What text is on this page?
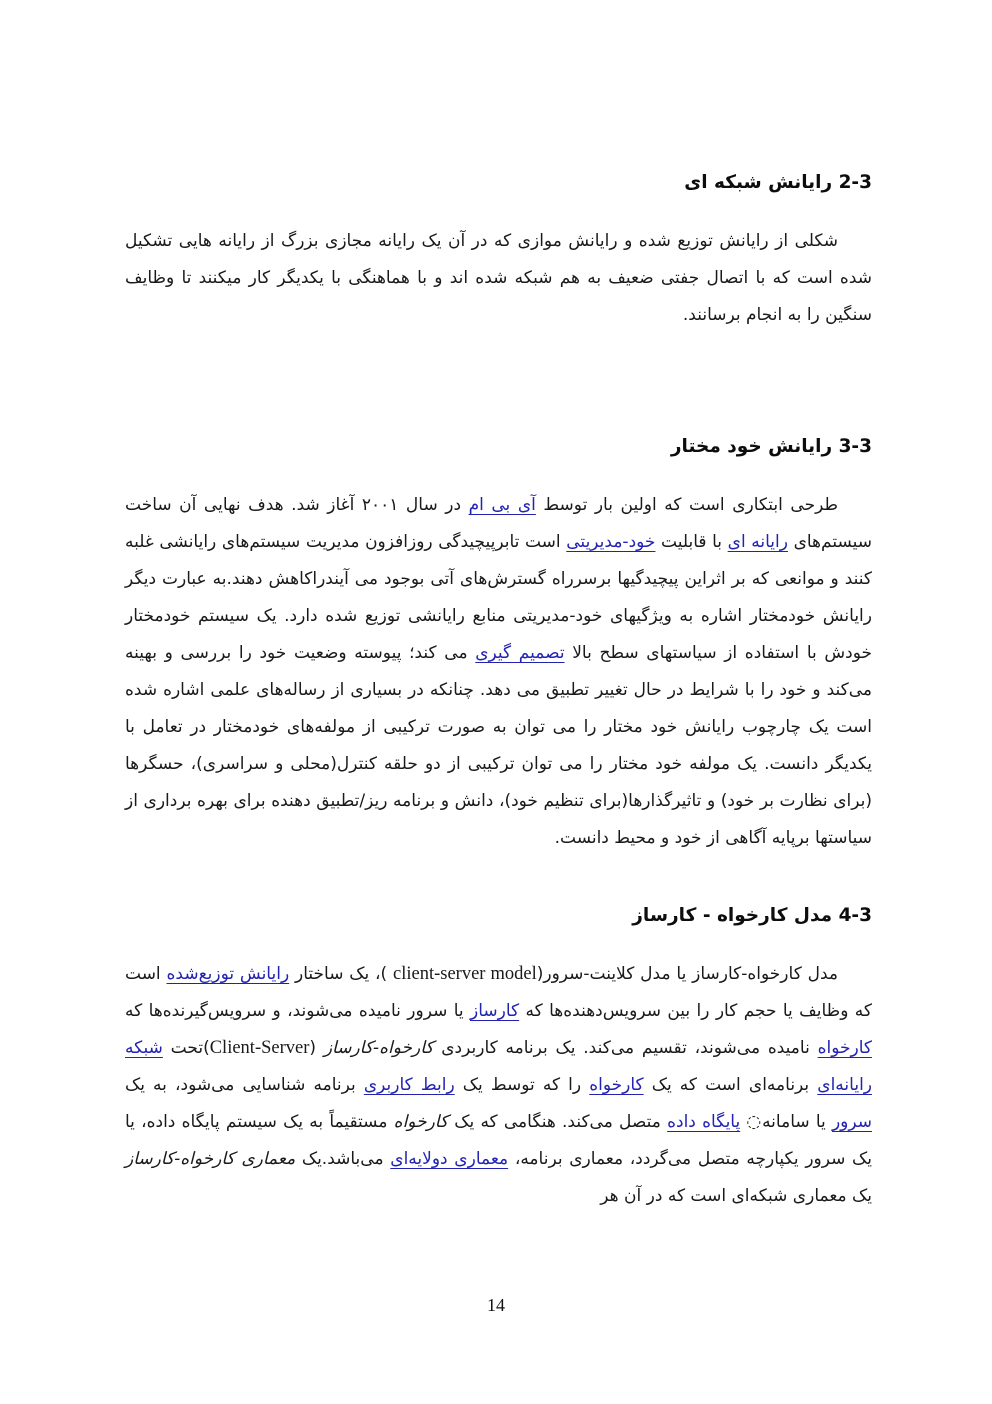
2-3 رایانش شبکه ای

شکلی از رایانش توزیع شده و رایانش موازی که در آن یک رایانه مجازی بزرگ از رایانه هایی تشکیل شده است که با اتصال جفتی ضعیف به هم شبکه شده اند و با هماهنگی با یکدیگر کار میکنند تا وظایف سنگین را به انجام برسانند.

3-3 رایانش خود مختار

طرحی ابتکاری است که اولین بار توسط آی بی ام در سال ۲۰۰۱ آغاز شد. هدف نهایی آن ساخت سیستم‌های رایانه ای با قابلیت خود-مدیریتی است تابرپیچیدگی روزافزون مدیریت سیستم‌های رایانشی غلبه کنند و موانعی که بر اثراین پیچیدگیها برسرراه گسترش‌های آتی بوجود می آیندراکاهش دهند.به عبارت دیگر رایانش خودمختار اشاره به ویژگیهای خود-مدیریتی منابع رایانشی توزیع شده دارد. یک سیستم خودمختار خودش با استفاده از سیاستهای سطح بالا تصمیم گیری می کند؛ پیوسته وضعیت خود را بررسی و بهینه می‌کند و خود را با شرایط در حال تغییر تطبیق می دهد. چنانکه در بسیاری از رساله‌های علمی اشاره شده است یک چارچوب رایانش خود مختار را می توان به صورت ترکیبی از مولفه‌های خودمختار در تعامل با یکدیگر دانست. یک مولفه خود مختار را می توان ترکیبی از دو حلقه کنترل(محلی و سراسری)، حسگرها (برای نظارت بر خود) و تاثیرگذارها(برای تنظیم خود)، دانش و برنامه ریز/تطبیق دهنده برای بهره برداری از سیاستها برپایه آگاهی از خود و محیط دانست.

4-3 مدل کارخواه - کارساز

مدل کارخواه-کارساز یا مدل کلاینت-سرور(client-server model )، یک ساختار رایانش توزیع‌شده است که وظایف یا حجم کار را بین سرویس‌دهنده‌ها که کارساز یا سرور نامیده می‌شوند، و سرویس‌گیرنده‌ها که کارخواه نامیده می‌شوند، تقسیم می‌کند. یک برنامه کاربردی کارخواه-کارساز (Client-Server)تحت شبکه رایانه‌ای برنامه‌ای است که یک کارخواه را که توسط یک رابط کاربری برنامه شناسایی می‌شود، به یک سرور یا سامانه◌ پایگاه داده متصل می‌کند. هنگامی که یک کارخواه مستقیماً به یک سیستم پایگاه داده، یا یک سرور یکپارچه متصل می‌گردد، معماری برنامه، معماری دولایه‌ای می‌باشد.یک معماری کارخواه-کارساز یک معماری شبکه‌ای است که در آن هر

14
